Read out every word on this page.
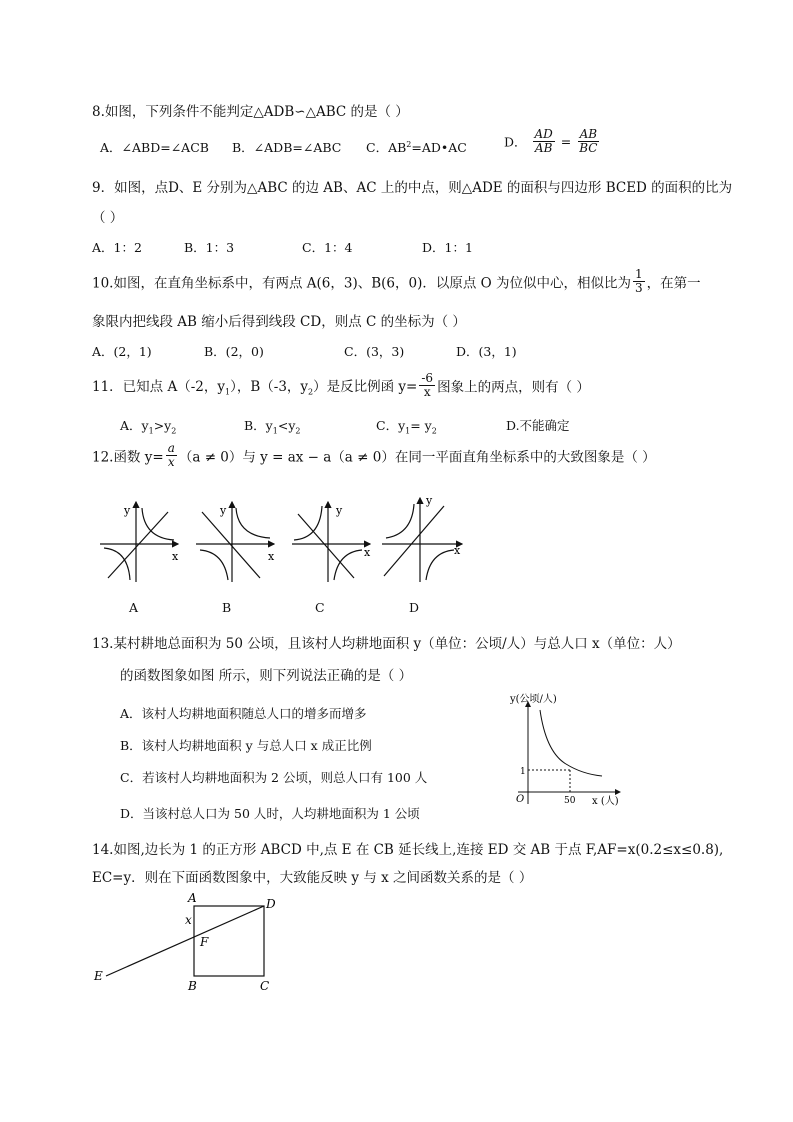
8.如图，下列条件不能判定△ADB∽△ABC 的是（ ）
A．∠ABD=∠ACB B．∠ADB=∠ABC C．$AB^2=AD•AC$	D． $\frac{AD}{AB} = \frac{AB}{BC}$
9．如图，点D、E 分别为△ABC 的边 AB、AC 上的中点，则△ADE 的面积与四边形 BCED 的面积的比为
（ ）
A．1：2	B．1：3	C．1：4	D．1：1
10.如图，在直角坐标系中，有两点 A(6，3)、B(6，0)．以原点 O 为位似中心，相似比为 $\frac{1}{3}$ ，在第一
象限内把线段 AB 缩小后得到线段 CD，则点 C 的坐标为（ ）
A．(2，1)	B．(2，0)	C．(3，3)	D．(3，1)
11．已知点 A（-2，$y_1$），B（-3，$y_2$）是反比例函 $y= \frac{-6}{x}$ 图象上的两点，则有（ ）
A．$y_1>y_2$	B．$y_1<y_2$	C．$y_1= y_2$	D.不能确定
12.函数 $y= \frac{a}{x} (a \ne 0)$与 y = ax − a（a ≠ 0）在同一平面直角坐标系中的大致图象是（ ）
y
x
y
x
y
x
y
x
A	B	C	D
13.某村耕地总面积为 50 公顷，且该村人均耕地面积 y（单位：公顷/人）与总人口 x（单位：人）
的函数图象如图 所示，则下列说法正确的是（ ）
A．该村人均耕地面积随总人口的增多而增多
B．该村人均耕地面积 y 与总人口 x 成正比例
C．若该村人均耕地面积为 2 公顷，则总人口有 100 人
D．当该村总人口为 50 人时，人均耕地面积为 1 公顷
y(公顷/人)
x (人)
O
1
50
14.如图,边长为 1 的正方形 ABCD 中,点 E 在 CB 延长线上,连接 ED 交 AB 于点 F,AF=x(0.2≤x≤0.8),
EC=y．则在下面函数图象中，大致能反映 y 与 x 之间函数关系的是（ ）
A
B	C
D
E
F
x
